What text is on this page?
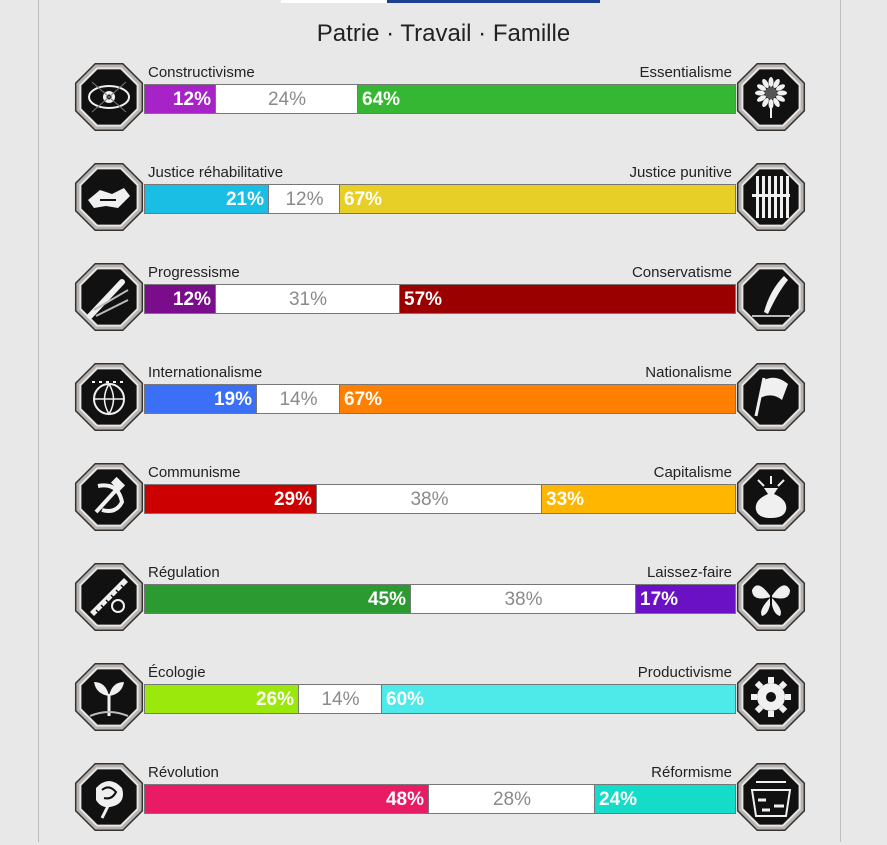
Patrie · Travail · Famille
Constructivisme	Essentialisme
12%	24%	64%
Justice réhabilitative	Justice punitive
21%	12%	67%
Progressisme	Conservatisme
12%	31%	57%
Internationalisme	Nationalisme
19%	14%	67%
Communisme	Capitalisme
29%	38%	33%
Régulation	Laissez-faire
45%	38%	17%
Écologie	Productivisme
26%	14%	60%
Révolution	Réformisme
48%	28%	24%
